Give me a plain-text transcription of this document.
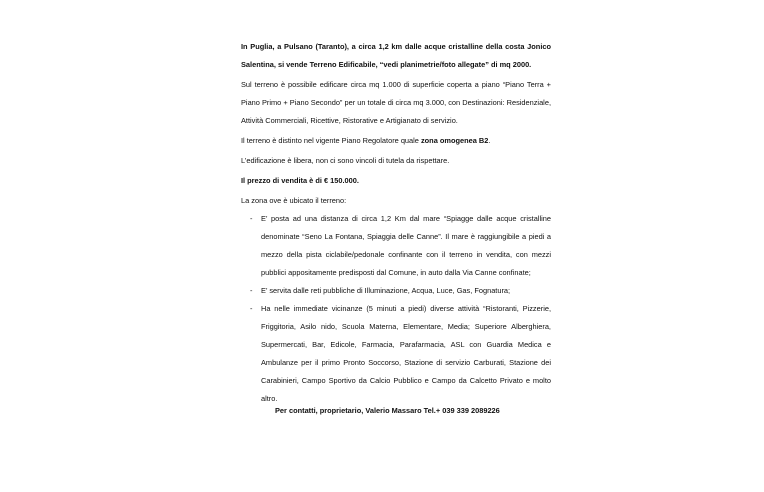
In Puglia, a Pulsano (Taranto), a circa 1,2 km dalle acque cristalline della costa Jonico Salentina, si vende Terreno Edificabile, “vedi planimetrie/foto allegate” di mq 2000.

Sul terreno è possibile edificare circa mq 1.000 di superficie coperta a piano “Piano Terra + Piano Primo + Piano Secondo” per un totale di circa mq 3.000, con Destinazioni: Residenziale, Attività Commerciali, Ricettive, Ristorative e Artigianato di servizio.

Il terreno è distinto nel vigente Piano Regolatore quale zona omogenea B2.

L’edificazione è libera, non ci sono vincoli di tutela da rispettare.

Il prezzo di vendita è di € 150.000.

La zona ove è ubicato il terreno:

- E’ posta ad una distanza di circa 1,2 Km dal mare “Spiagge dalle acque cristalline denominate “Seno La Fontana, Spiaggia delle Canne”. Il mare è raggiungibile a piedi a mezzo della pista ciclabile/pedonale confinante con il terreno in vendita, con mezzi pubblici appositamente predisposti dal Comune, in auto dalla Via Canne confinate;
- E’ servita dalle reti pubbliche di Illuminazione, Acqua, Luce, Gas, Fognatura;
- Ha nelle immediate vicinanze (5 minuti a piedi) diverse attività “Ristoranti, Pizzerie, Friggitoria, Asilo nido, Scuola Materna, Elementare, Media; Superiore Alberghiera, Supermercati, Bar, Edicole, Farmacia, Parafarmacia, ASL con Guardia Medica e Ambulanze per il primo Pronto Soccorso, Stazione di servizio Carburati, Stazione dei Carabinieri, Campo Sportivo da Calcio Pubblico e Campo da Calcetto Privato e molto altro.
Per contatti, proprietario, Valerio Massaro Tel.+ 039 339 2089226
